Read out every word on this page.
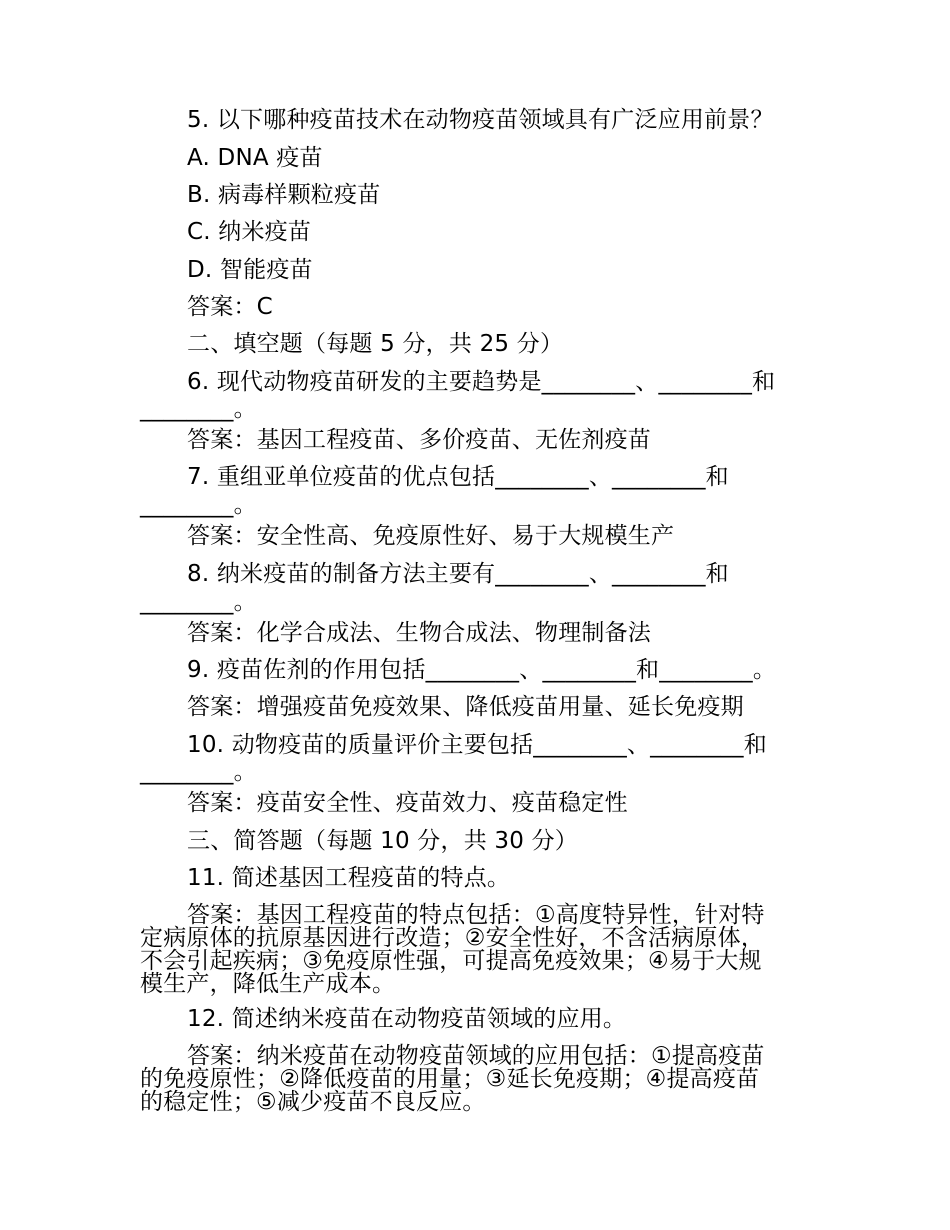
5. 以下哪种疫苗技术在动物疫苗领域具有广泛应用前景？
A. DNA 疫苗
B. 病毒样颗粒疫苗
C. 纳米疫苗
D. 智能疫苗
答案：C
二、填空题（每题 5 分，共 25 分）
6. 现代动物疫苗研发的主要趋势是________、________和
________。
答案：基因工程疫苗、多价疫苗、无佐剂疫苗
7. 重组亚单位疫苗的优点包括________、________和
________。
答案：安全性高、免疫原性好、易于大规模生产
8. 纳米疫苗的制备方法主要有________、________和
________。
答案：化学合成法、生物合成法、物理制备法
9. 疫苗佐剂的作用包括________、________和________。
答案：增强疫苗免疫效果、降低疫苗用量、延长免疫期
10. 动物疫苗的质量评价主要包括________、________和
________。
答案：疫苗安全性、疫苗效力、疫苗稳定性
三、简答题（每题 10 分，共 30 分）
11. 简述基因工程疫苗的特点。
答案：基因工程疫苗的特点包括：①高度特异性，针对特
定病原体的抗原基因进行改造；②安全性好，不含活病原体，
不会引起疾病；③免疫原性强，可提高免疫效果；④易于大规
模生产，降低生产成本。
12. 简述纳米疫苗在动物疫苗领域的应用。
答案：纳米疫苗在动物疫苗领域的应用包括：①提高疫苗
的免疫原性；②降低疫苗的用量；③延长免疫期；④提高疫苗
的稳定性；⑤减少疫苗不良反应。
